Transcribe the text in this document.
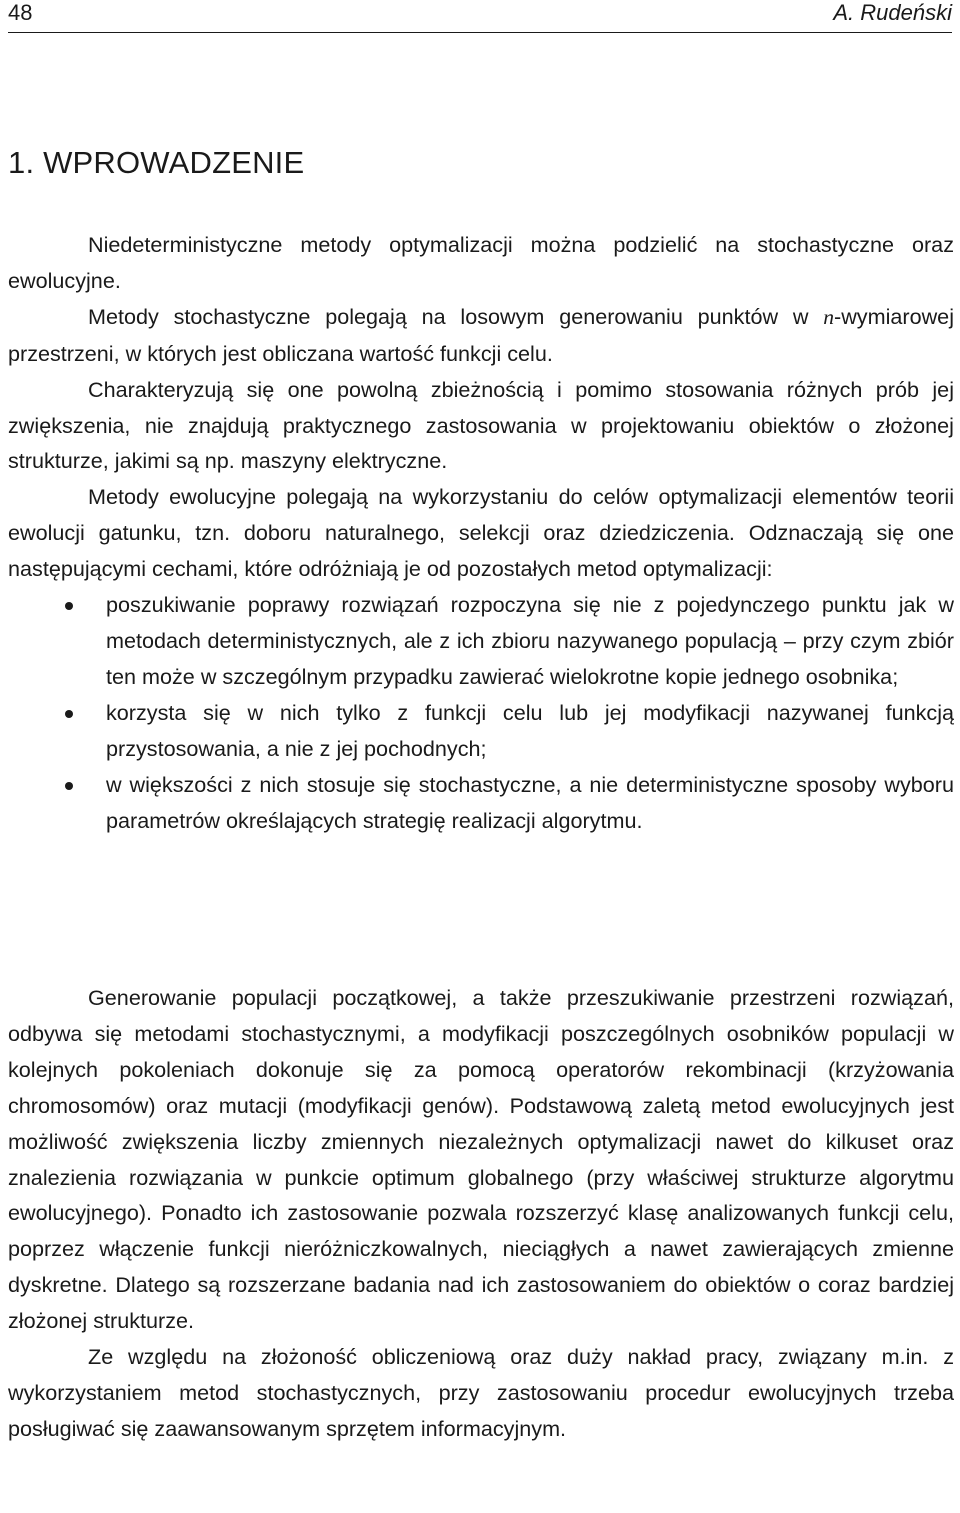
48	A. Rudeński
1. WPROWADZENIE

Niedeterministyczne metody optymalizacji można podzielić na stochastyczne oraz ewolucyjne.

Metody stochastyczne polegają na losowym generowaniu punktów w n-wymiarowej przestrzeni, w których jest obliczana wartość funkcji celu.

Charakteryzują się one powolną zbieżnością i pomimo stosowania różnych prób jej zwiększenia, nie znajdują praktycznego zastosowania w projektowaniu obiektów o złożonej strukturze, jakimi są np. maszyny elektryczne.

Metody ewolucyjne polegają na wykorzystaniu do celów optymalizacji elementów teorii ewolucji gatunku, tzn. doboru naturalnego, selekcji oraz dziedziczenia. Odznaczają się one następującymi cechami, które odróżniają je od pozostałych metod optymalizacji:

poszukiwanie poprawy rozwiązań rozpoczyna się nie z pojedynczego punktu jak w metodach deterministycznych, ale z ich zbioru nazywanego populacją – przy czym zbiór ten może w szczególnym przypadku zawierać wielokrotne kopie jednego osobnika;
korzysta się w nich tylko z funkcji celu lub jej modyfikacji nazywanej funkcją przystosowania, a nie z jej pochodnych;
w większości z nich stosuje się stochastyczne, a nie deterministyczne sposoby wyboru parametrów określających strategię realizacji algorytmu.

Generowanie populacji początkowej, a także przeszukiwanie przestrzeni rozwiązań, odbywa się metodami stochastycznymi, a modyfikacji poszczególnych osobników populacji w kolejnych pokoleniach dokonuje się za pomocą operatorów rekombinacji (krzyżowania chromosomów) oraz mutacji (modyfikacji genów). Podstawową zaletą metod ewolucyjnych jest możliwość zwiększenia liczby zmiennych niezależnych optymalizacji nawet do kilkuset oraz znalezienia rozwiązania w punkcie optimum globalnego (przy właściwej strukturze algorytmu ewolucyjnego). Ponadto ich zastosowanie pozwala rozszerzyć klasę analizowanych funkcji celu, poprzez włączenie funkcji nieróżniczkowalnych, nieciągłych a nawet zawierających zmienne dyskretne. Dlatego są rozszerzane badania nad ich zastosowaniem do obiektów o coraz bardziej złożonej strukturze.

Ze względu na złożoność obliczeniową oraz duży nakład pracy, związany m.in. z wykorzystaniem metod stochastycznych, przy zastosowaniu procedur ewolucyjnych trzeba posługiwać się zaawansowanym sprzętem informacyjnym.
